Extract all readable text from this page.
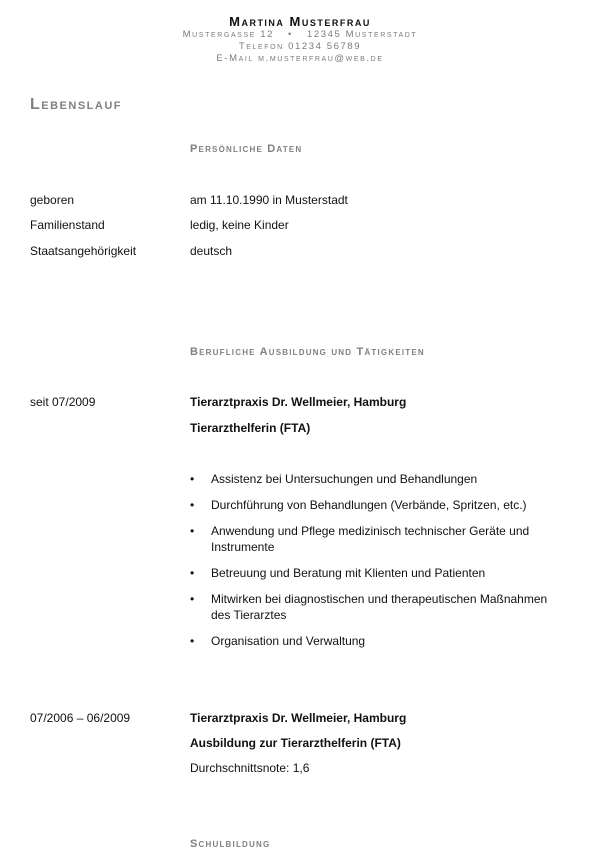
Martina Musterfrau
Mustergasse 12 • 12345 Musterstadt
Telefon 01234 56789
E-Mail m.musterfrau@web.de
Lebenslauf
Persönliche Daten
geboren	am 11.10.1990 in Musterstadt
Familienstand	ledig, keine Kinder
Staatsangehörigkeit	deutsch
Berufliche Ausbildung und Tätigkeiten
seit 07/2009	Tierarztpraxis Dr. Wellmeier, Hamburg
Tierarzthelferin (FTA)
• Assistenz bei Untersuchungen und Behandlungen
• Durchführung von Behandlungen (Verbände, Spritzen, etc.)
• Anwendung und Pflege medizinisch technischer Geräte und Instrumente
• Betreuung und Beratung mit Klienten und Patienten
• Mitwirken bei diagnostischen und therapeutischen Maßnahmen des Tierarztes
• Organisation und Verwaltung
07/2006 – 06/2009	Tierarztpraxis Dr. Wellmeier, Hamburg
Ausbildung zur Tierarzthelferin (FTA)
Durchschnittsnote: 1,6
Schulbildung
